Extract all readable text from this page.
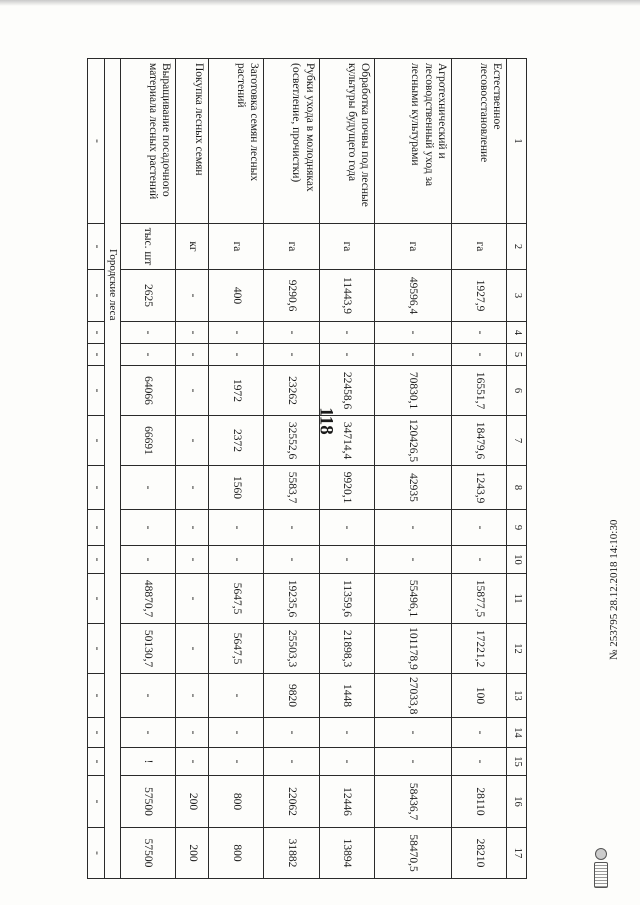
118
1	2	3	4	5	6	7	8	9	10	11	12	13	14	15	16	17
Естественное лесовосстановление	га	1927,9	-	-	16551,7	18479,6	1243,9	-	-	15877,5	17221,2	100	-	-	28110	28210
Агротехнический и лесоводственный уход за лесными культурами	га	49596,4	-	-	70830,1	120426,5	42935	-	-	55496,1	101178,9	27033,8	-	-	58436,7	58470,5
Обработка почвы под лесные культуры будущего года	га	11443,9	-	-	22458,6	34714,4	9920,1	-	-	11359,6	21898,3	1448	-	-	12446	13894
Рубки ухода в молодняках (осветление, прочистки)	га	9290,6	-	-	23262	32552,6	5583,7	-	-	19235,6	25503,3	9820	-	-	22062	31882
Заготовка семян лесных растений	га	400	-	-	1972	2372	1560	-	-	5647,5	5647,5	-	-	-	800	800
Покупка лесных семян	кг	-	-	-	-	-	-	-	-	-	-	-	-	-	200	200
Выращивание посадочного материала лесных растений	тыс. шт	2625	-	-	64066	66691	-	-	-	48870,7	50130,7	-	-	!	57500	57500
Городские леса																
-	-	-	-	-	-	-	-	-	-	-	-	-	-	-	-	-
№ 253795 28.12.2018 14:10:30
